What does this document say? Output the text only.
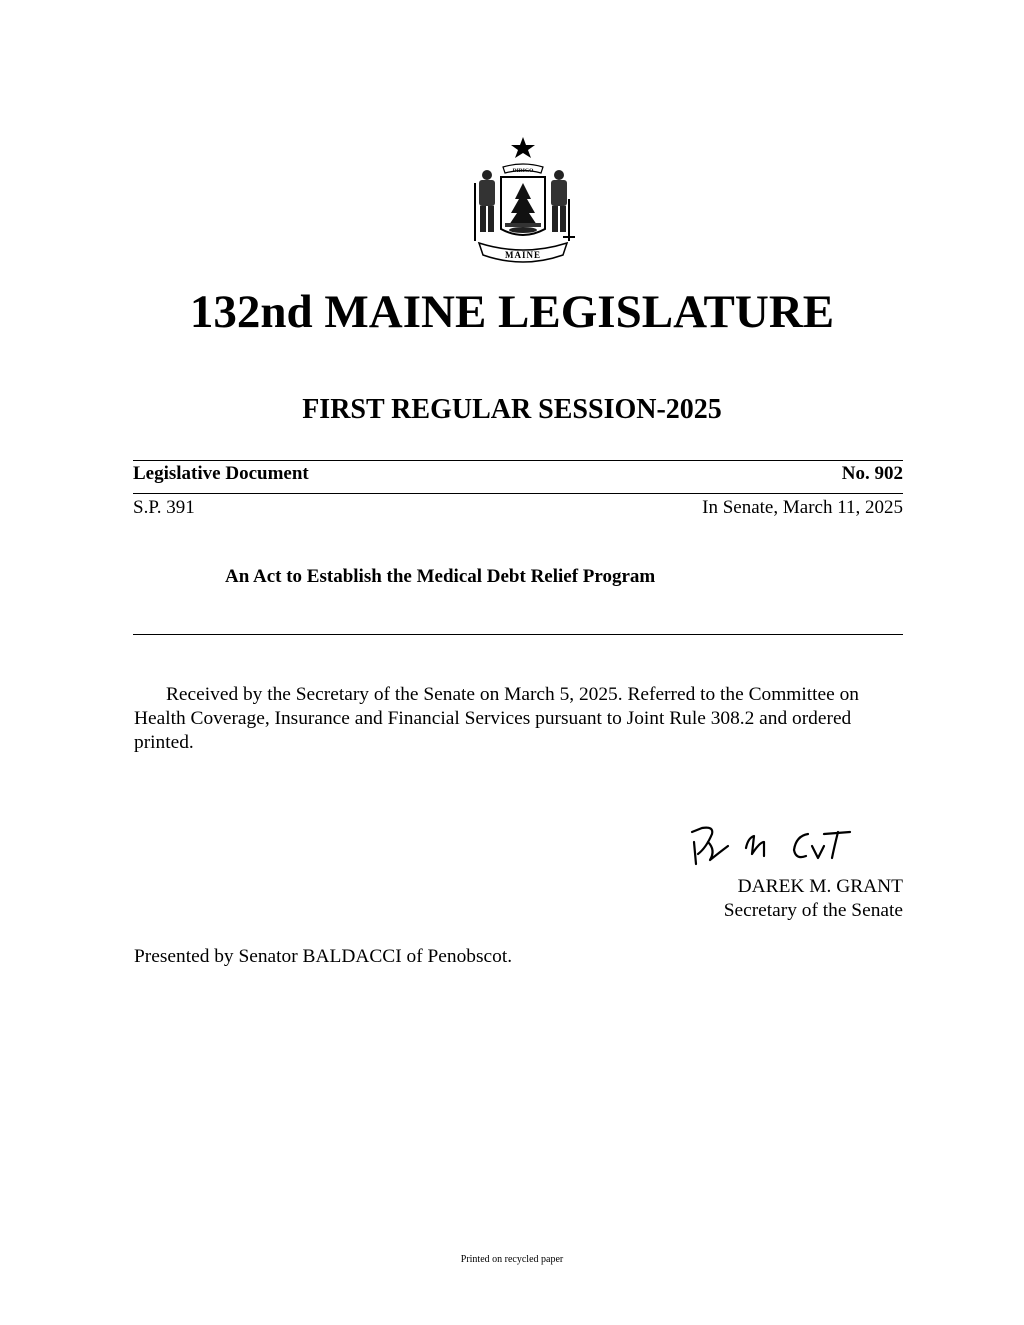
DIRIGO
MAINE
132nd MAINE LEGISLATURE
FIRST REGULAR SESSION-2025
Legislative Document	No. 902
S.P. 391	In Senate, March 11, 2025
An Act to Establish the Medical Debt Relief Program

Received by the Secretary of the Senate on March 5, 2025. Referred to the Committee on Health Coverage, Insurance and Financial Services pursuant to Joint Rule 308.2 and ordered printed.

DAREK M. GRANT
Secretary of the Senate
Presented by Senator BALDACCI of Penobscot.
Printed on recycled paper
